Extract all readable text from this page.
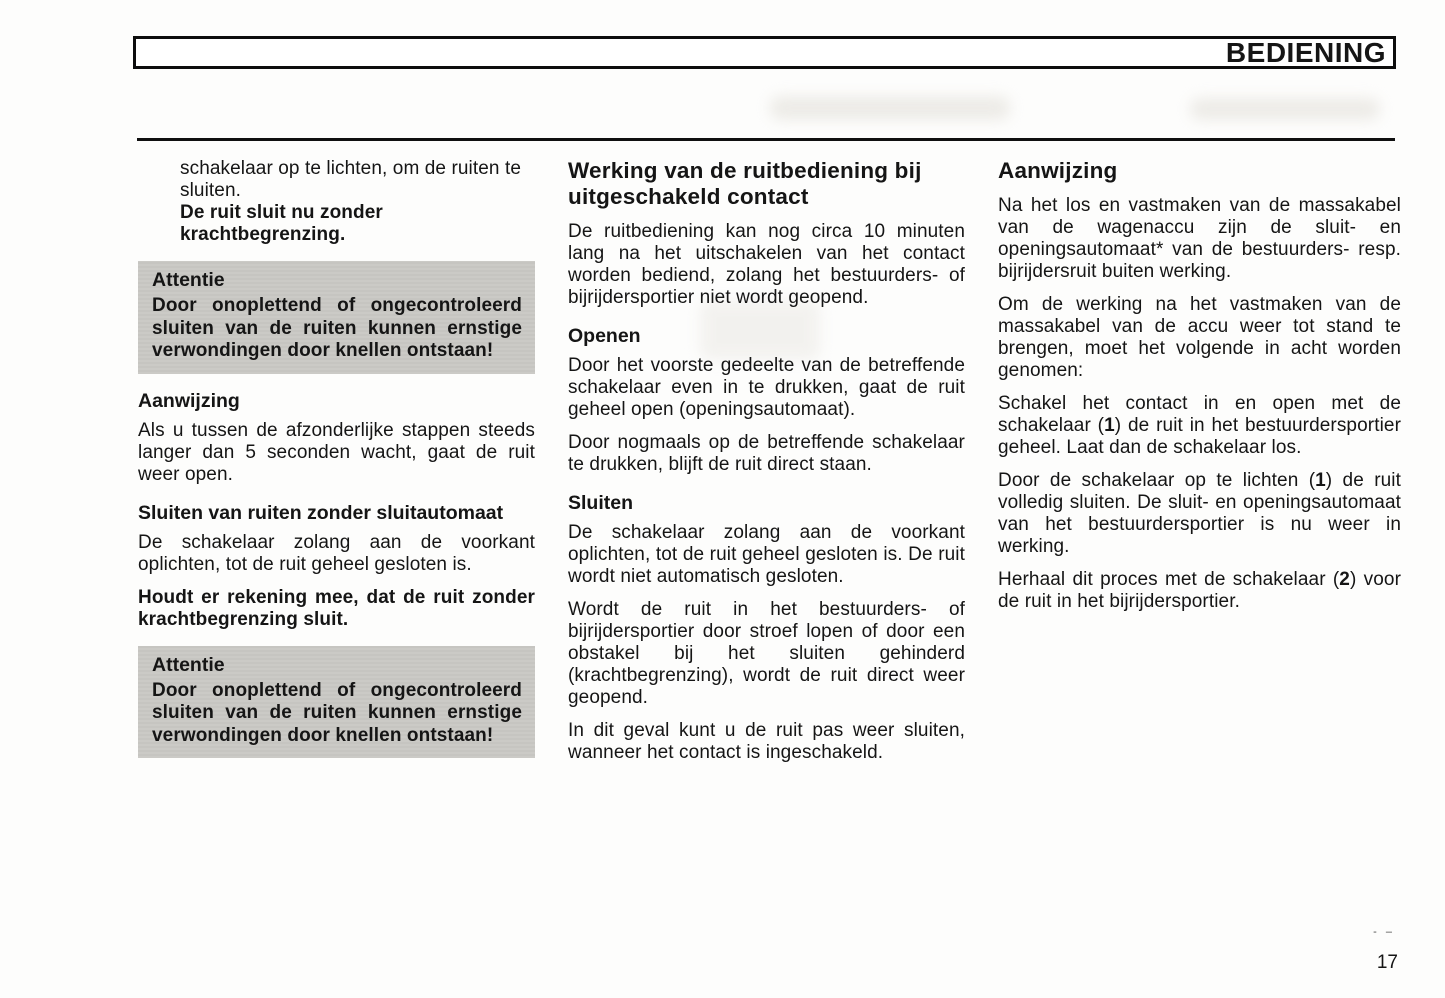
BEDIENING

schakelaar op te lichten, om de ruiten te sluiten.

De ruit sluit nu zonder krachtbegrenzing.

Attentie
Door onoplettend of ongecontroleerd sluiten van de ruiten kunnen ernstige verwondingen door knellen ontstaan!
Aanwijzing

Als u tussen de afzonderlijke stappen steeds langer dan 5 seconden wacht, gaat de ruit weer open.

Sluiten van ruiten zonder sluitautomaat

De schakelaar zolang aan de voorkant oplichten, tot de ruit geheel gesloten is.

Houdt er rekening mee, dat de ruit zonder krachtbegrenzing sluit.

Attentie
Door onoplettend of ongecontroleerd sluiten van de ruiten kunnen ernstige verwondingen door knellen ontstaan!
Werking van de ruitbediening bij uitgeschakeld contact

De ruitbediening kan nog circa 10 minuten lang na het uitschakelen van het contact worden bediend, zolang het bestuurders- of bijrijdersportier niet wordt geopend.

Openen

Door het voorste gedeelte van de betreffende schakelaar even in te drukken, gaat de ruit geheel open (openingsautomaat).

Door nogmaals op de betreffende schakelaar te drukken, blijft de ruit direct staan.

Sluiten

De schakelaar zolang aan de voorkant oplichten, tot de ruit geheel gesloten is. De ruit wordt niet automatisch gesloten.

Wordt de ruit in het bestuurders- of bijrijdersportier door stroef lopen of door een obstakel bij het sluiten gehinderd (krachtbegrenzing), wordt de ruit direct weer geopend.

In dit geval kunt u de ruit pas weer sluiten, wanneer het contact is ingeschakeld.

Aanwijzing

Na het los en vastmaken van de massakabel van de wagenaccu zijn de sluit- en openingsautomaat* van de bestuurders- resp. bijrijdersruit buiten werking.

Om de werking na het vastmaken van de massakabel van de accu weer tot stand te brengen, moet het volgende in acht worden genomen:

Schakel het contact in en open met de schakelaar (1) de ruit in het bestuurdersportier geheel. Laat dan de schakelaar los.

Door de schakelaar op te lichten (1) de ruit volledig sluiten. De sluit- en openingsautomaat van het bestuurdersportier is nu weer in werking.

Herhaal dit proces met de schakelaar (2) voor de ruit in het bijrijdersportier.

- –
17
